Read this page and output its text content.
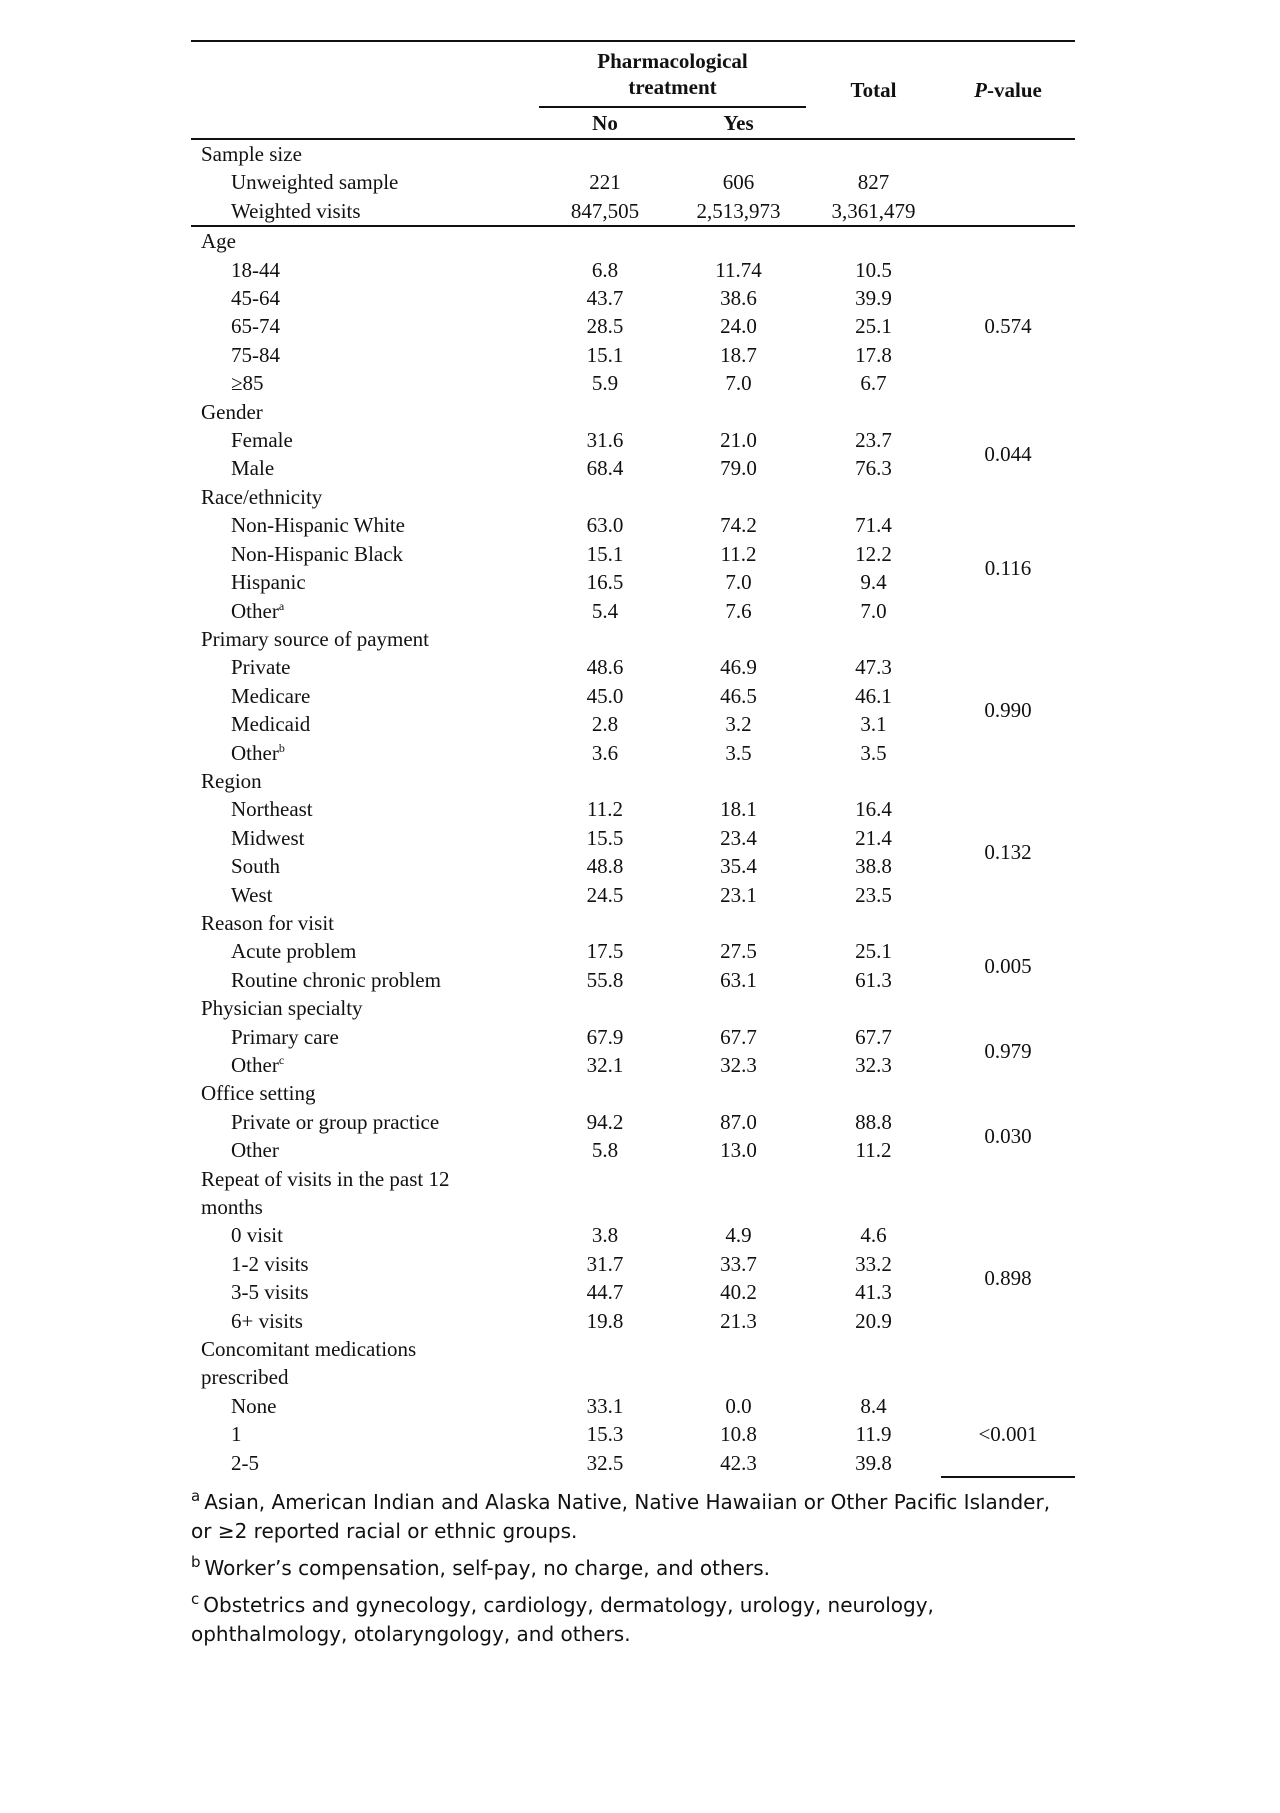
	Pharmacological
treatment		Total	P-value
	No	Yes		
Sample size				
Unweighted sample	221	606	827	
Weighted visits	847,505	2,513,973	3,361,479	
Age				
18-44	6.8	11.74	10.5	0.574
45-64	43.7	38.6	39.9	
65-74	28.5	24.0	25.1	
75-84	15.1	18.7	17.8	
≥85	5.9	7.0	6.7	
Gender				
Female	31.6	21.0	23.7	0.044
Male	68.4	79.0	76.3	
Race/ethnicity				
Non-Hispanic White	63.0	74.2	71.4	0.116
Non-Hispanic Black	15.1	11.2	12.2	
Hispanic	16.5	7.0	9.4	
Other$^a$	5.4	7.6	7.0	
Primary source of payment				
Private	48.6	46.9	47.3	0.990
Medicare	45.0	46.5	46.1	
Medicaid	2.8	3.2	3.1	
Other$^b$	3.6	3.5	3.5	
Region				
Northeast	11.2	18.1	16.4	0.132
Midwest	15.5	23.4	21.4	
South	48.8	35.4	38.8	
West	24.5	23.1	23.5	
Reason for visit				
Acute problem	17.5	27.5	25.1	0.005
Routine chronic problem	55.8	63.1	61.3	
Physician specialty				
Primary care	67.9	67.7	67.7	0.979
Other$^c$	32.1	32.3	32.3	
Office setting				
Private or group practice	94.2	87.0	88.8	0.030
Other	5.8	13.0	11.2	
Repeat of visits in the past 12
months				
0 visit	3.8	4.9	4.6	0.898
1-2 visits	31.7	33.7	33.2	
3-5 visits	44.7	40.2	41.3	
6+ visits	19.8	21.3	20.9	
Concomitant medications
prescribed				
None	33.1	0.0	8.4	<0.001
1	15.3	10.8	11.9	
2-5	32.5	42.3	39.8	

$^a$ Asian, American Indian and Alaska Native, Native Hawaiian or Other Pacific Islander, or ≥2 reported racial or ethnic groups.

$^b$ Worker’s compensation, self-pay, no charge, and others.

$^c$ Obstetrics and gynecology, cardiology, dermatology, urology, neurology, ophthalmology, otolaryngology, and others.
